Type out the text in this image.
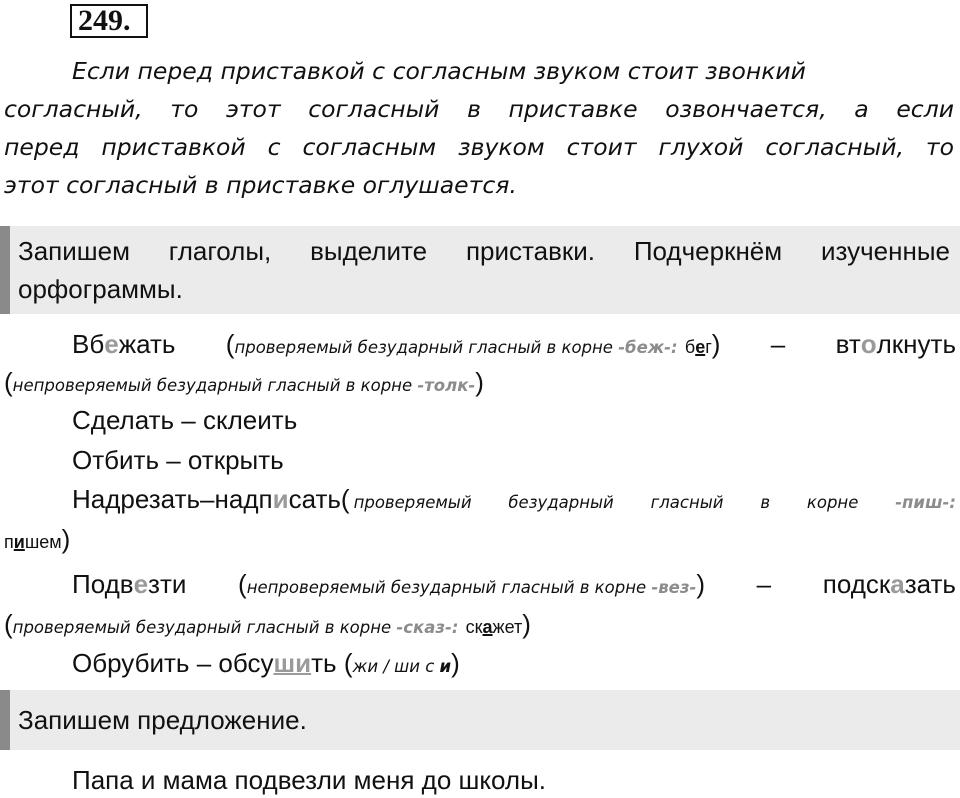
249.
Если перед приставкой с согласным звуком стоит звонкий
согласный, то этот согласный в приставке озвончается, а если
перед приставкой с согласным звуком стоит глухой согласный, то
этот согласный в приставке оглушается.
Запишем глаголы, выделите приставки. Подчеркнём изученные
орфограммы.
Вбежать (проверяемый безударный гласный в корне -беж-: бег) – втолкнуть
(непроверяемый безударный гласный в корне -толк-)
Сделать – склеить
Отбить – открыть
Надрезать – надписать ( проверяемый безударный гласный в корне -пиш-:
пишем)
Подвезти (непроверяемый безударный гласный в корне -вез-) – подсказать
(проверяемый безударный гласный в корне -сказ-: скажет)
Обрубить – обсушить (жи / ши с и)
Запишем предложение.
Папа и мама подвезли меня до школы.
